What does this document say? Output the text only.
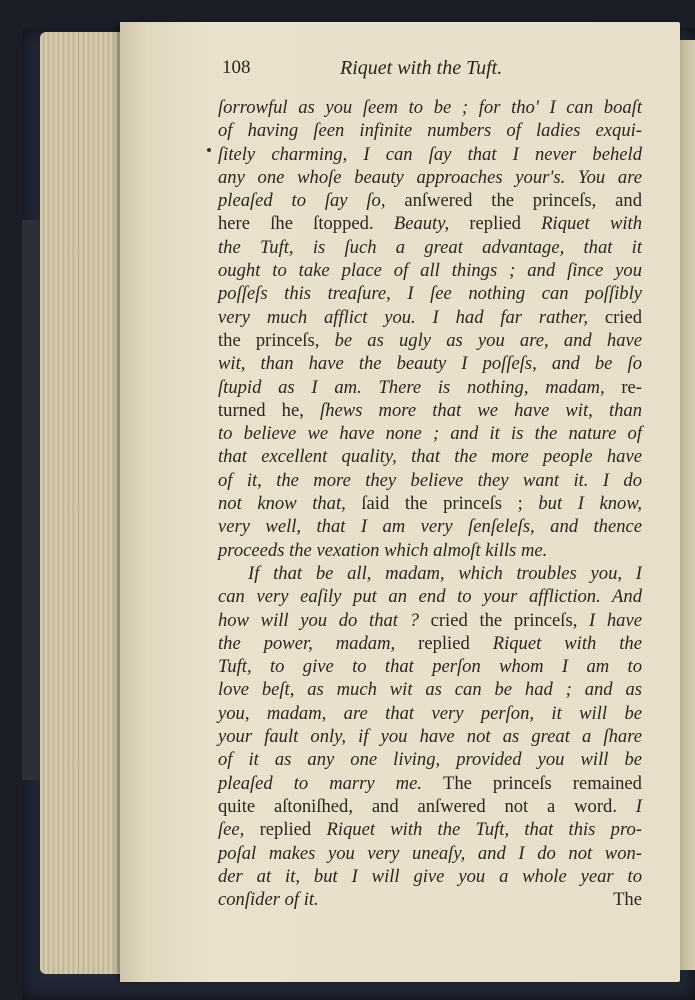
108	Riquet with the Tuft.
ſorrowful as you ſeem to be ; for tho' I can boaſt
of having ſeen infinite numbers of ladies exqui-
ſitely charming, I can ſay that I never beheld
any one whoſe beauty approaches your's. You are
pleaſed to ſay ſo, anſwered the princeſs, and
here ſhe ſtopped. Beauty, replied Riquet with
the Tuft, is ſuch a great advantage, that it
ought to take place of all things ; and ſince you
poſſeſs this treaſure, I ſee nothing can poſſibly
very much afflict you. I had far rather, cried
the princeſs, be as ugly as you are, and have
wit, than have the beauty I poſſeſs, and be ſo
ſtupid as I am. There is nothing, madam, re-
turned he, ſhews more that we have wit, than
to believe we have none ; and it is the nature of
that excellent quality, that the more people have
of it, the more they believe they want it. I do
not know that, ſaid the princeſs ; but I know,
very well, that I am very ſenſeleſs, and thence
proceeds the vexation which almoſt kills me.
If that be all, madam, which troubles you, I
can very eaſily put an end to your affliction. And
how will you do that ? cried the princeſs, I have
the power, madam, replied Riquet with the
Tuft, to give to that perſon whom I am to
love beſt, as much wit as can be had ; and as
you, madam, are that very perſon, it will be
your fault only, if you have not as great a ſhare
of it as any one living, provided you will be
pleaſed to marry me. The princeſs remained
quite aſtoniſhed, and anſwered not a word. I
ſee, replied Riquet with the Tuft, that this pro-
poſal makes you very uneaſy, and I do not won-
der at it, but I will give you a whole year to
conſider of it.	The
